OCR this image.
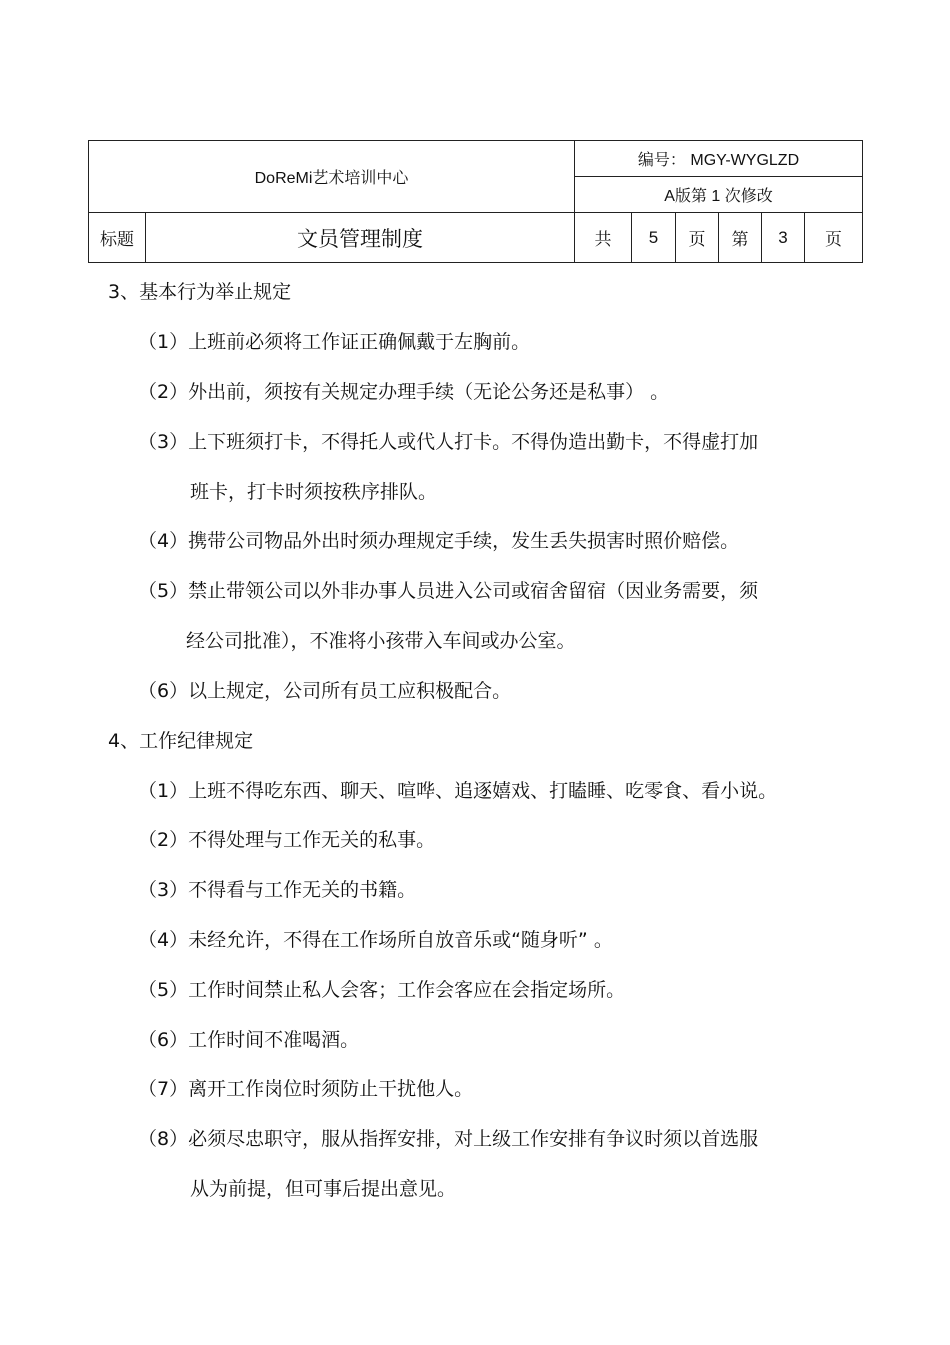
DoReMi艺术培训中心		编号： MGY-WYGLZD					
		A版第 1 次修改					
标题	文员管理制度	共	5	页	第	3	页
3、基本行为举止规定
（1）上班前必须将工作证正确佩戴于左胸前。
（2）外出前，须按有关规定办理手续（无论公务还是私事） 。
（3）上下班须打卡，不得托人或代人打卡。不得伪造出勤卡，不得虚打加
班卡，打卡时须按秩序排队。
（4）携带公司物品外出时须办理规定手续，发生丢失损害时照价赔偿。
（5）禁止带领公司以外非办事人员进入公司或宿舍留宿（因业务需要，须
经公司批准），不准将小孩带入车间或办公室。
（6）以上规定，公司所有员工应积极配合。
4、工作纪律规定
（1）上班不得吃东西、聊天、喧哗、追逐嬉戏、打瞌睡、吃零食、看小说。
（2）不得处理与工作无关的私事。
（3）不得看与工作无关的书籍。
（4）未经允许，不得在工作场所自放音乐或“随身听” 。
（5）工作时间禁止私人会客；工作会客应在会指定场所。
（6）工作时间不准喝酒。
（7）离开工作岗位时须防止干扰他人。
（8）必须尽忠职守，服从指挥安排，对上级工作安排有争议时须以首选服
从为前提，但可事后提出意见。
